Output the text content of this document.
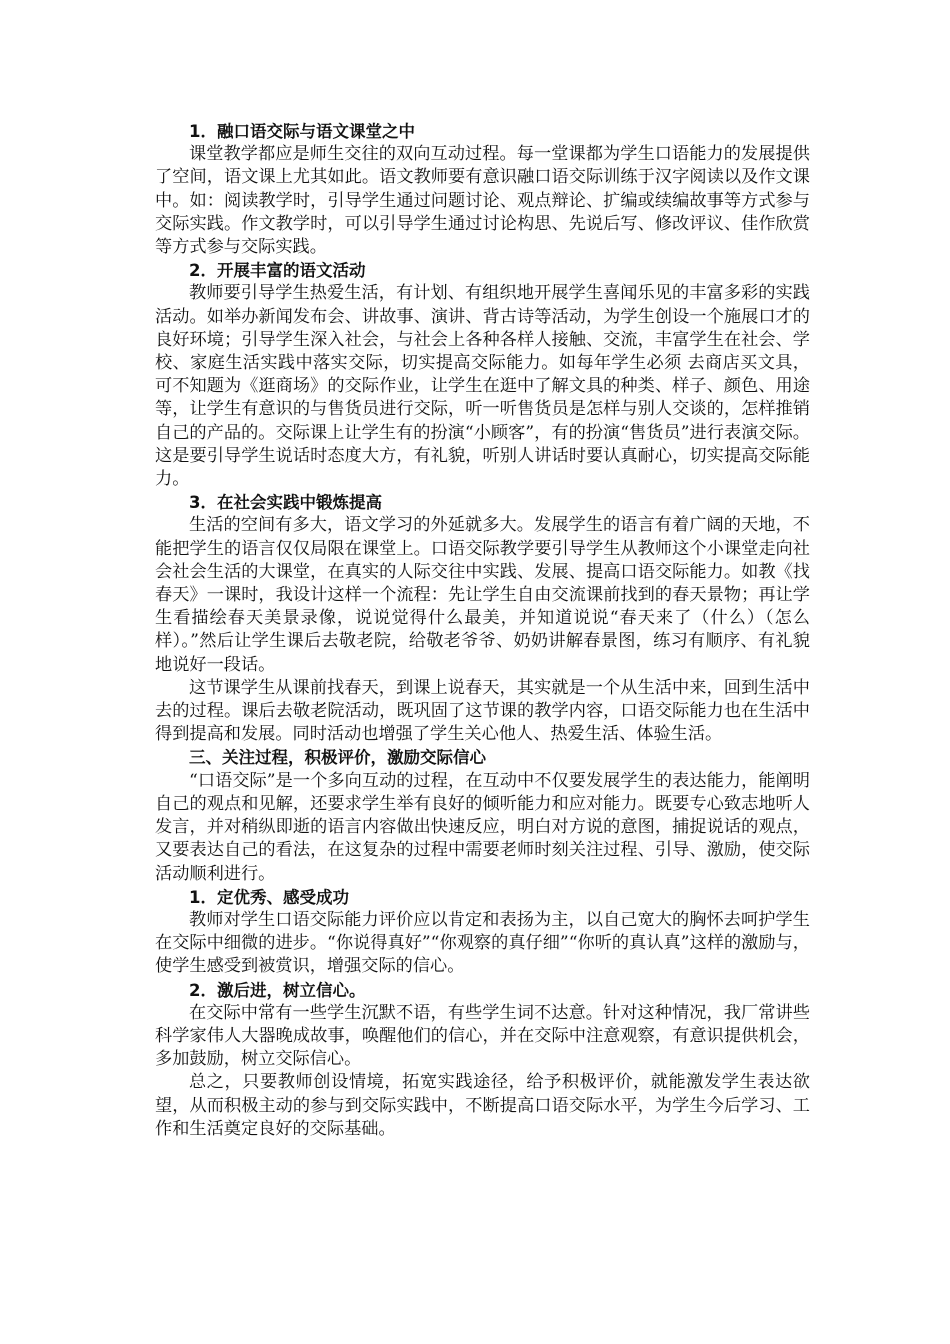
1．融口语交际与语文课堂之中

课堂教学都应是师生交往的双向互动过程。每一堂课都为学生口语能力的发展提供了空间，语文课上尤其如此。语文教师要有意识融口语交际训练于汉字阅读以及作文课中。如：阅读教学时，引导学生通过问题讨论、观点辩论、扩编或续编故事等方式参与交际实践。作文教学时，可以引导学生通过讨论构思、先说后写、修改评议、佳作欣赏等方式参与交际实践。

2．开展丰富的语文活动

教师要引导学生热爱生活，有计划、有组织地开展学生喜闻乐见的丰富多彩的实践活动。如举办新闻发布会、讲故事、演讲、背古诗等活动，为学生创设一个施展口才的良好环境；引导学生深入社会，与社会上各种各样人接触、交流，丰富学生在社会、学校、家庭生活实践中落实交际，切实提高交际能力。如每年学生必须 去商店买文具，可不知题为《逛商场》的交际作业，让学生在逛中了解文具的种类、样子、颜色、用途等，让学生有意识的与售货员进行交际，听一听售货员是怎样与别人交谈的，怎样推销自己的产品的。交际课上让学生有的扮演“小顾客”，有的扮演“售货员”进行表演交际。这是要引导学生说话时态度大方，有礼貌，听别人讲话时要认真耐心，切实提高交际能力。

3．在社会实践中锻炼提高

生活的空间有多大，语文学习的外延就多大。发展学生的语言有着广阔的天地，不能把学生的语言仅仅局限在课堂上。口语交际教学要引导学生从教师这个小课堂走向社会社会生活的大课堂，在真实的人际交往中实践、发展、提高口语交际能力。如教《找春天》一课时，我设计这样一个流程：先让学生自由交流课前找到的春天景物；再让学生看描绘春天美景录像，说说觉得什么最美，并知道说说“春天来了（什么）（怎么样）。”然后让学生课后去敬老院，给敬老爷爷、奶奶讲解春景图，练习有顺序、有礼貌地说好一段话。

这节课学生从课前找春天，到课上说春天，其实就是一个从生活中来，回到生活中去的过程。课后去敬老院活动，既巩固了这节课的教学内容，口语交际能力也在生活中得到提高和发展。同时活动也增强了学生关心他人、热爱生活、体验生活。

三、关注过程，积极评价，激励交际信心

“口语交际”是一个多向互动的过程，在互动中不仅要发展学生的表达能力，能阐明自己的观点和见解，还要求学生举有良好的倾听能力和应对能力。既要专心致志地听人发言，并对稍纵即逝的语言内容做出快速反应，明白对方说的意图，捕捉说话的观点，又要表达自己的看法，在这复杂的过程中需要老师时刻关注过程、引导、激励，使交际活动顺利进行。

1．定优秀、感受成功

教师对学生口语交际能力评价应以肯定和表扬为主，以自己宽大的胸怀去呵护学生在交际中细微的进步。“你说得真好”“你观察的真仔细”“你听的真认真”这样的激励与，使学生感受到被赏识，增强交际的信心。

2．激后进，树立信心。

在交际中常有一些学生沉默不语，有些学生词不达意。针对这种情况，我厂常讲些科学家伟人大器晚成故事，唤醒他们的信心，并在交际中注意观察，有意识提供机会，多加鼓励，树立交际信心。

总之，只要教师创设情境，拓宽实践途径，给予积极评价，就能激发学生表达欲望，从而积极主动的参与到交际实践中，不断提高口语交际水平，为学生今后学习、工作和生活奠定良好的交际基础。
